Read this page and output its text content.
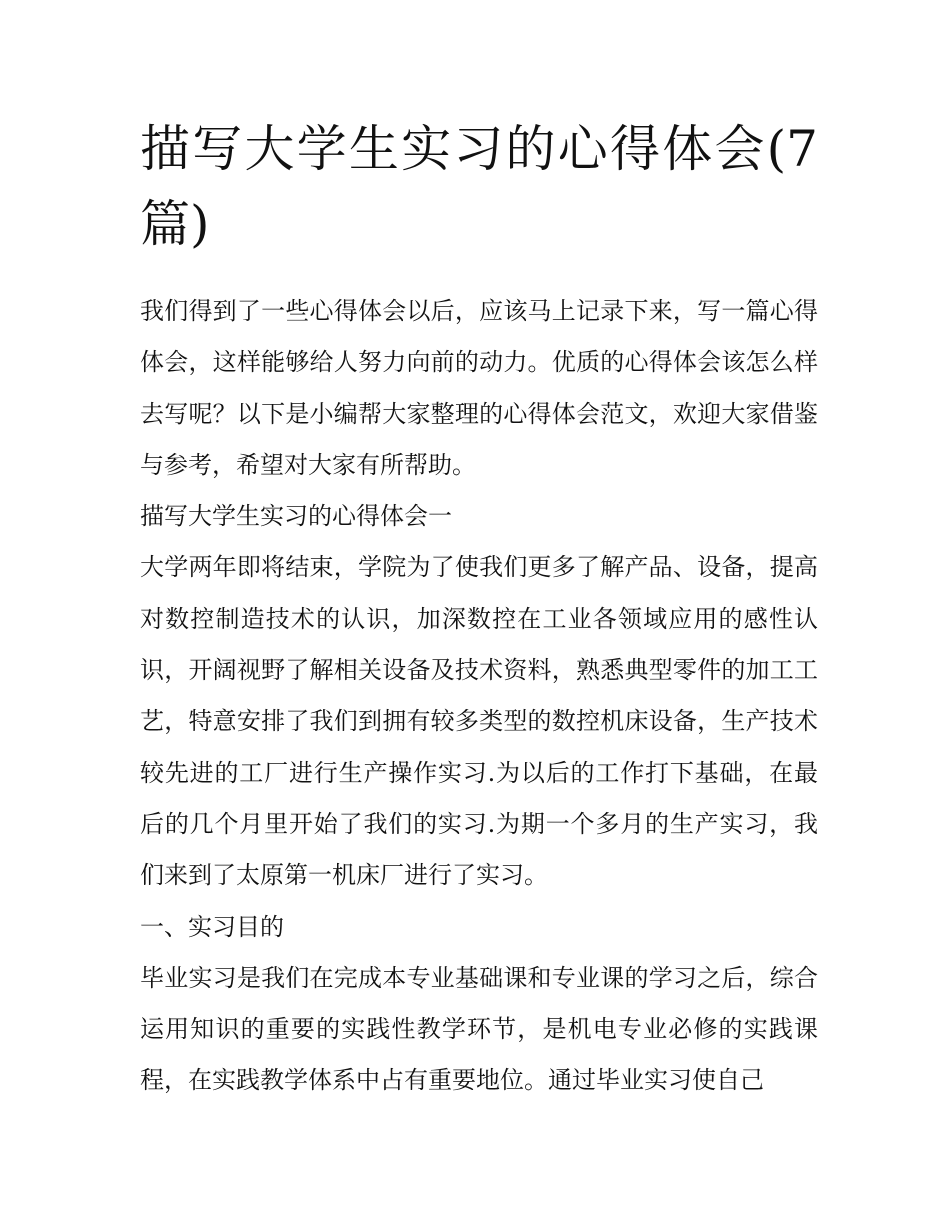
描写大学生实习的心得体会(7篇)

我们得到了一些心得体会以后，应该马上记录下来，写一篇心得体会，这样能够给人努力向前的动力。优质的心得体会该怎么样去写呢？以下是小编帮大家整理的心得体会范文，欢迎大家借鉴与参考，希望对大家有所帮助。

描写大学生实习的心得体会一

大学两年即将结束，学院为了使我们更多了解产品、设备，提高对数控制造技术的认识，加深数控在工业各领域应用的感性认识，开阔视野了解相关设备及技术资料，熟悉典型零件的加工工艺，特意安排了我们到拥有较多类型的数控机床设备，生产技术较先进的工厂进行生产操作实习.为以后的工作打下基础，在最后的几个月里开始了我们的实习.为期一个多月的生产实习，我们来到了太原第一机床厂进行了实习。

一、实习目的

毕业实习是我们在完成本专业基础课和专业课的学习之后，综合运用知识的重要的实践性教学环节，是机电专业必修的实践课程，在实践教学体系中占有重要地位。通过毕业实习使自己
